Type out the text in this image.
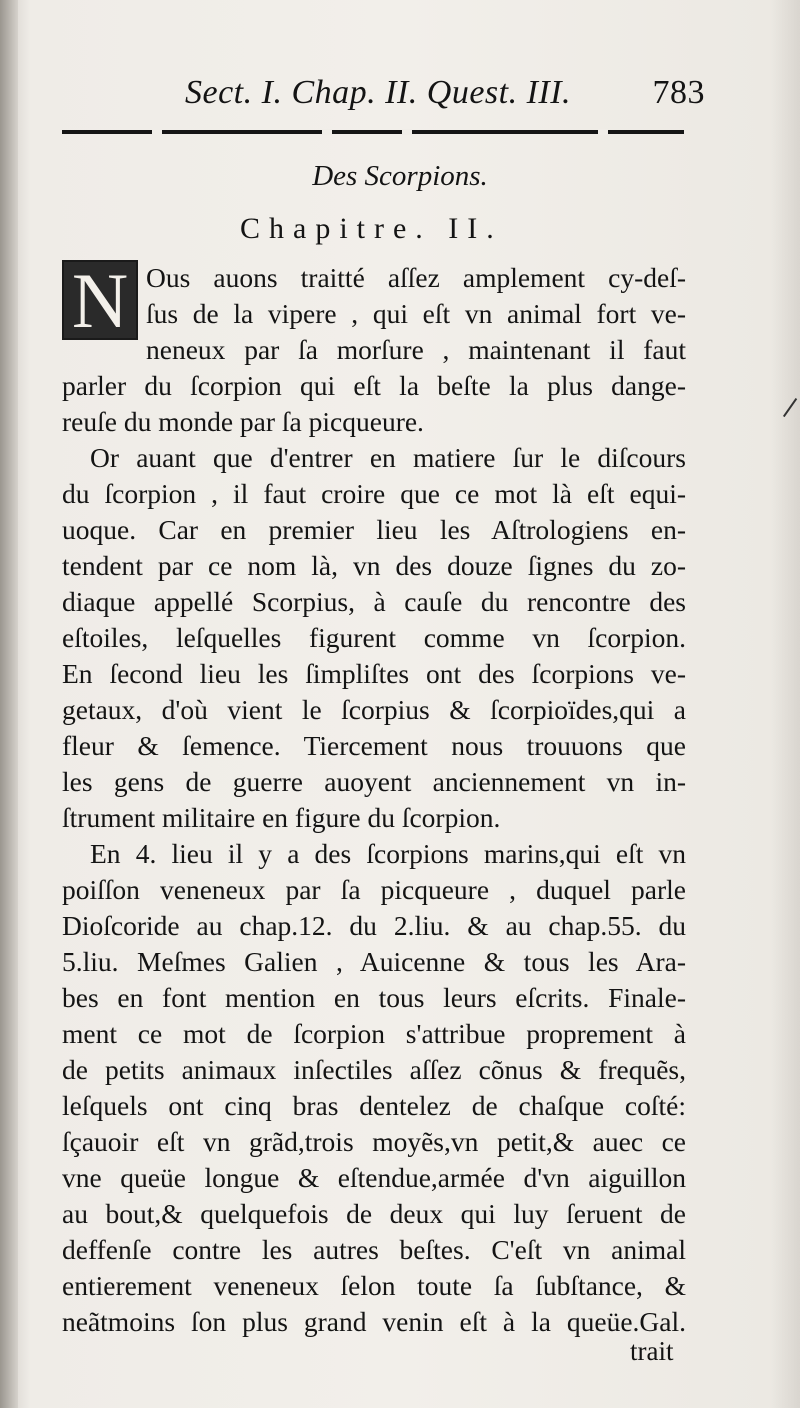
Sect. I. Chap. II. Quest. III. 783
Des Scorpions.
Chapitre. II.
N Ous auons traitté aſſez amplement cy-deſ-
ſus de la vipere , qui eſt vn animal fort ve-
neneux par ſa morſure , maintenant il faut
parler du ſcorpion qui eſt la beſte la plus dange-
reuſe du monde par ſa picqueure.
Or auant que d'entrer en matiere ſur le diſcours
du ſcorpion , il faut croire que ce mot là eſt equi-
uoque. Car en premier lieu les Aſtrologiens en-
tendent par ce nom là, vn des douze ſignes du zo-
diaque appellé Scorpius, à cauſe du rencontre des
eſtoiles, leſquelles figurent comme vn ſcorpion.
En ſecond lieu les ſimpliſtes ont des ſcorpions ve-
getaux, d'où vient le ſcorpius & ſcorpioïdes,qui a
fleur & ſemence. Tiercement nous trouuons que
les gens de guerre auoyent anciennement vn in-
ſtrument militaire en figure du ſcorpion.
En 4. lieu il y a des ſcorpions marins,qui eſt vn
poiſſon veneneux par ſa picqueure , duquel parle
Dioſcoride au chap.12. du 2.liu. & au chap.55. du
5.liu. Meſmes Galien , Auicenne & tous les Ara-
bes en font mention en tous leurs eſcrits. Finale-
ment ce mot de ſcorpion s'attribue proprement à
de petits animaux inſectiles aſſez cõnus & frequẽs,
leſquels ont cinq bras dentelez de chaſque coſté:
ſçauoir eſt vn grãd,trois moyẽs,vn petit,& auec ce
vne queüe longue & eſtendue,armée d'vn aiguillon
au bout,& quelquefois de deux qui luy ſeruent de
deffenſe contre les autres beſtes. C'eſt vn animal
entierement veneneux ſelon toute ſa ſubſtance, &
neãtmoins ſon plus grand venin eſt à la queüe.Gal.
trait
